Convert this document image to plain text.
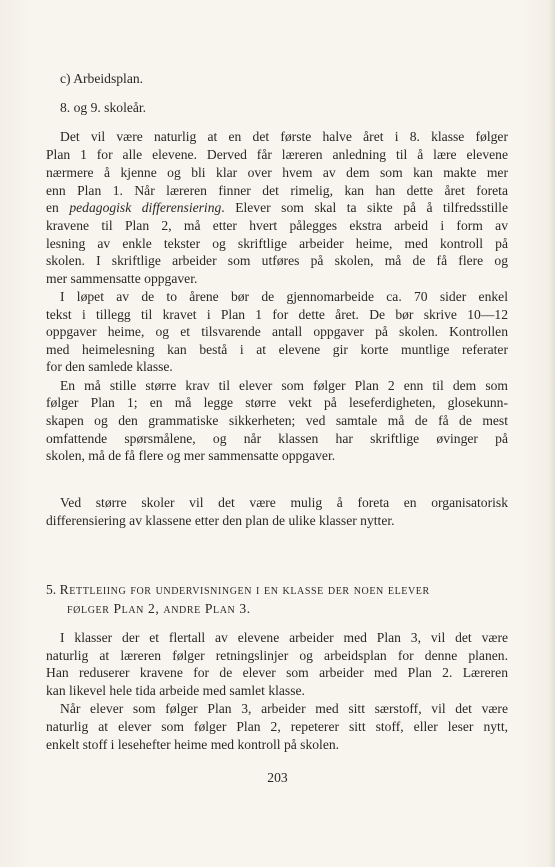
c) Arbeidsplan.
8. og 9. skoleår.
Det vil være naturlig at en det første halve året i 8. klasse følger
Plan 1 for alle elevene. Derved får læreren anledning til å lære elevene
nærmere å kjenne og bli klar over hvem av dem som kan makte mer
enn Plan 1. Når læreren finner det rimelig, kan han dette året foreta
en pedagogisk differensiering. Elever som skal ta sikte på å tilfredsstille
kravene til Plan 2, må etter hvert pålegges ekstra arbeid i form av
lesning av enkle tekster og skriftlige arbeider heime, med kontroll på
skolen. I skriftlige arbeider som utføres på skolen, må de få flere og
mer sammensatte oppgaver.
I løpet av de to årene bør de gjennomarbeide ca. 70 sider enkel
tekst i tillegg til kravet i Plan 1 for dette året. De bør skrive 10—12
oppgaver heime, og et tilsvarende antall oppgaver på skolen. Kontrollen
med heimelesning kan bestå i at elevene gir korte muntlige referater
for den samlede klasse.
En må stille større krav til elever som følger Plan 2 enn til dem som
følger Plan 1; en må legge større vekt på leseferdigheten, glosekunn-
skapen og den grammatiske sikkerheten; ved samtale må de få de mest
omfattende spørsmålene, og når klassen har skriftlige øvinger på
skolen, må de få flere og mer sammensatte oppgaver.
Ved større skoler vil det være mulig å foreta en organisatorisk
differensiering av klassene etter den plan de ulike klasser nytter.
5. Rettleiing for undervisningen i en klasse der noen elever
følger Plan 2, andre Plan 3.
I klasser der et flertall av elevene arbeider med Plan 3, vil det være
naturlig at læreren følger retningslinjer og arbeidsplan for denne planen.
Han reduserer kravene for de elever som arbeider med Plan 2. Læreren
kan likevel hele tida arbeide med samlet klasse.
Når elever som følger Plan 3, arbeider med sitt særstoff, vil det være
naturlig at elever som følger Plan 2, repeterer sitt stoff, eller leser nytt,
enkelt stoff i lesehefter heime med kontroll på skolen.
203
